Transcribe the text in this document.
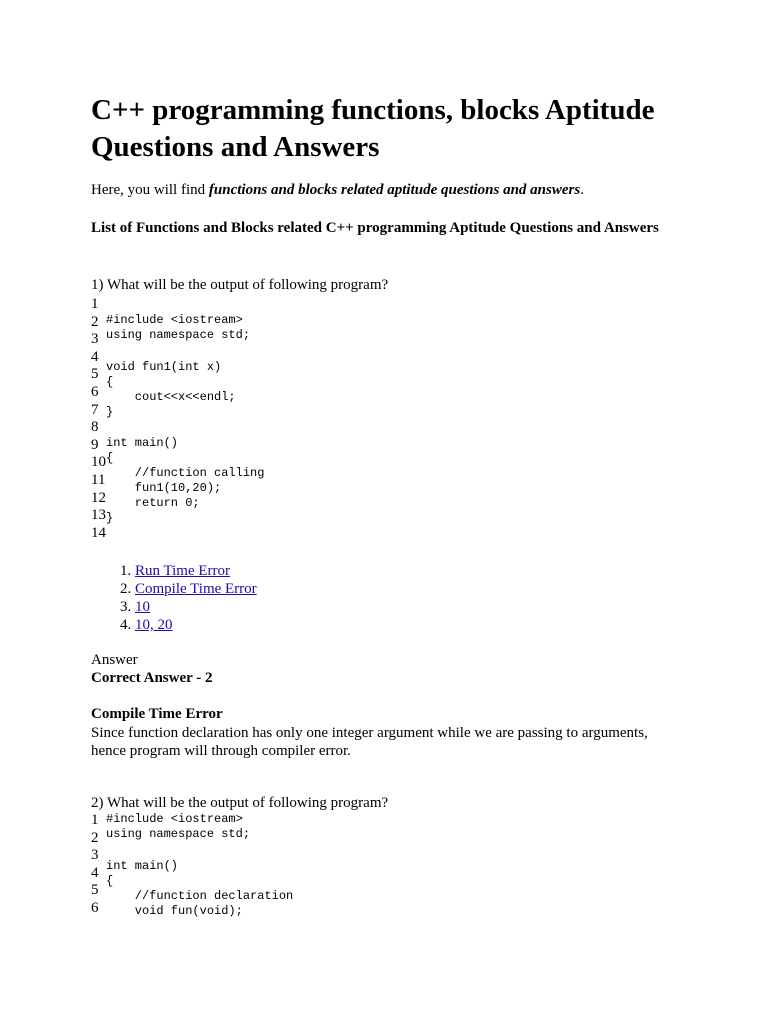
C++ programming functions, blocks Aptitude Questions and Answers

Here, you will find functions and blocks related aptitude questions and answers.

List of Functions and Blocks related C++ programming Aptitude Questions and Answers

1) What will be the output of following program?

1
2
3
4
5
6
7
8
9
10
11
12
13
14
#include <iostream>
using namespace std;
void fun1(int x)
{
cout<<x<<endl;
}
int main()
{
//function calling
fun1(10,20);
return 0;
}
1. Run Time Error
2. Compile Time Error
3. 10
4. 10, 20

Answer

Correct Answer - 2

Compile Time Error

Since function declaration has only one integer argument while we are passing to arguments, hence program will through compiler error.

2) What will be the output of following program?

1
2
3
4
5
6
#include <iostream>
using namespace std;
int main()
{
//function declaration
void fun(void);
